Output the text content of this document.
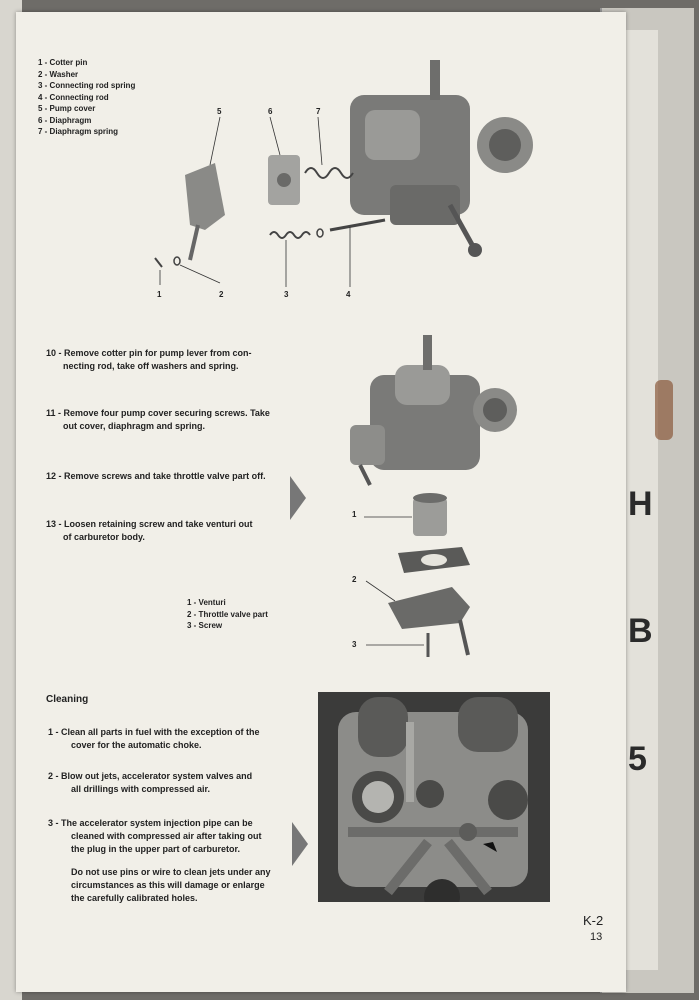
H
B
5
1 - Cotter pin
2 - Washer
3 - Connecting rod spring
4 - Connecting rod
5 - Pump cover
6 - Diaphragm
7 - Diaphragm spring
5	6	7
1	2	3	4
10 - Remove cotter pin for pump lever from con-
necting rod, take off washers and spring.
11 - Remove four pump cover securing screws. Take
out cover, diaphragm and spring.
12 - Remove screws and take throttle valve part off.
13 - Loosen retaining screw and take venturi out
of carburetor body.
1
2
3
1 - Venturi
2 - Throttle valve part
3 - Screw
Cleaning
1 - Clean all parts in fuel with the exception of the
cover for the automatic choke.
2 - Blow out jets, accelerator system valves and
all drillings with compressed air.
3 - The accelerator system injection pipe can be
cleaned with compressed air after taking out
the plug in the upper part of carburetor.
Do not use pins or wire to clean jets under any
circumstances as this will damage or enlarge
the carefully calibrated holes.
K-2
13
